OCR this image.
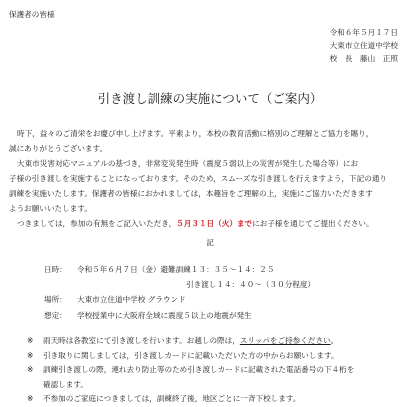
保護者の皆様
令和６年５月１７日
大東市立住道中学校
校　長　藤山　正照
引き渡し訓練の実施について（ご案内）

時下，益々のご清栄をお慶び申し上げます。平素より，本校の教育活動に格別のご理解とご協力を賜り，

誠にありがとうございます。

大東市災害対応マニュアルの基づき，非常変災発生時（震度５弱以上の災害が発生した場合等）にお

子様の引き渡しを実施することになっております。そのため，スムーズな引き渡しを行えますよう，下記の通り

訓練を実施いたします。保護者の皆様におかれましては，本趣旨をご理解の上，実施にご協力いただきます

ようお願いいたします。

つきましては，参加の有無をご記入いただき，５月３１日（火）までにお子様を通じてご提出ください。

記
日時：	令和５年６月７日（金）避難訓練１３：３５～１４：２５
引き渡し１４：４０～（３０分程度）
場所：	大東市立住道中学校 グラウンド
想定：	学校授業中に大阪府全域に震度５以上の地震が発生
※	雨天時は各教室にて引き渡しを行います。お越しの際は，スリッパをご持参ください。
※	引き取りに関しましては，引き渡しカードに記載いただいた方の中からお願いします。
※	訓練引き渡しの際，連れ去り防止等のため引き渡しカードに記載された電話番号の下４桁を
確認します。
※	不参加のご家庭につきましては，訓練終了後，地区ごとに一斉下校します。
